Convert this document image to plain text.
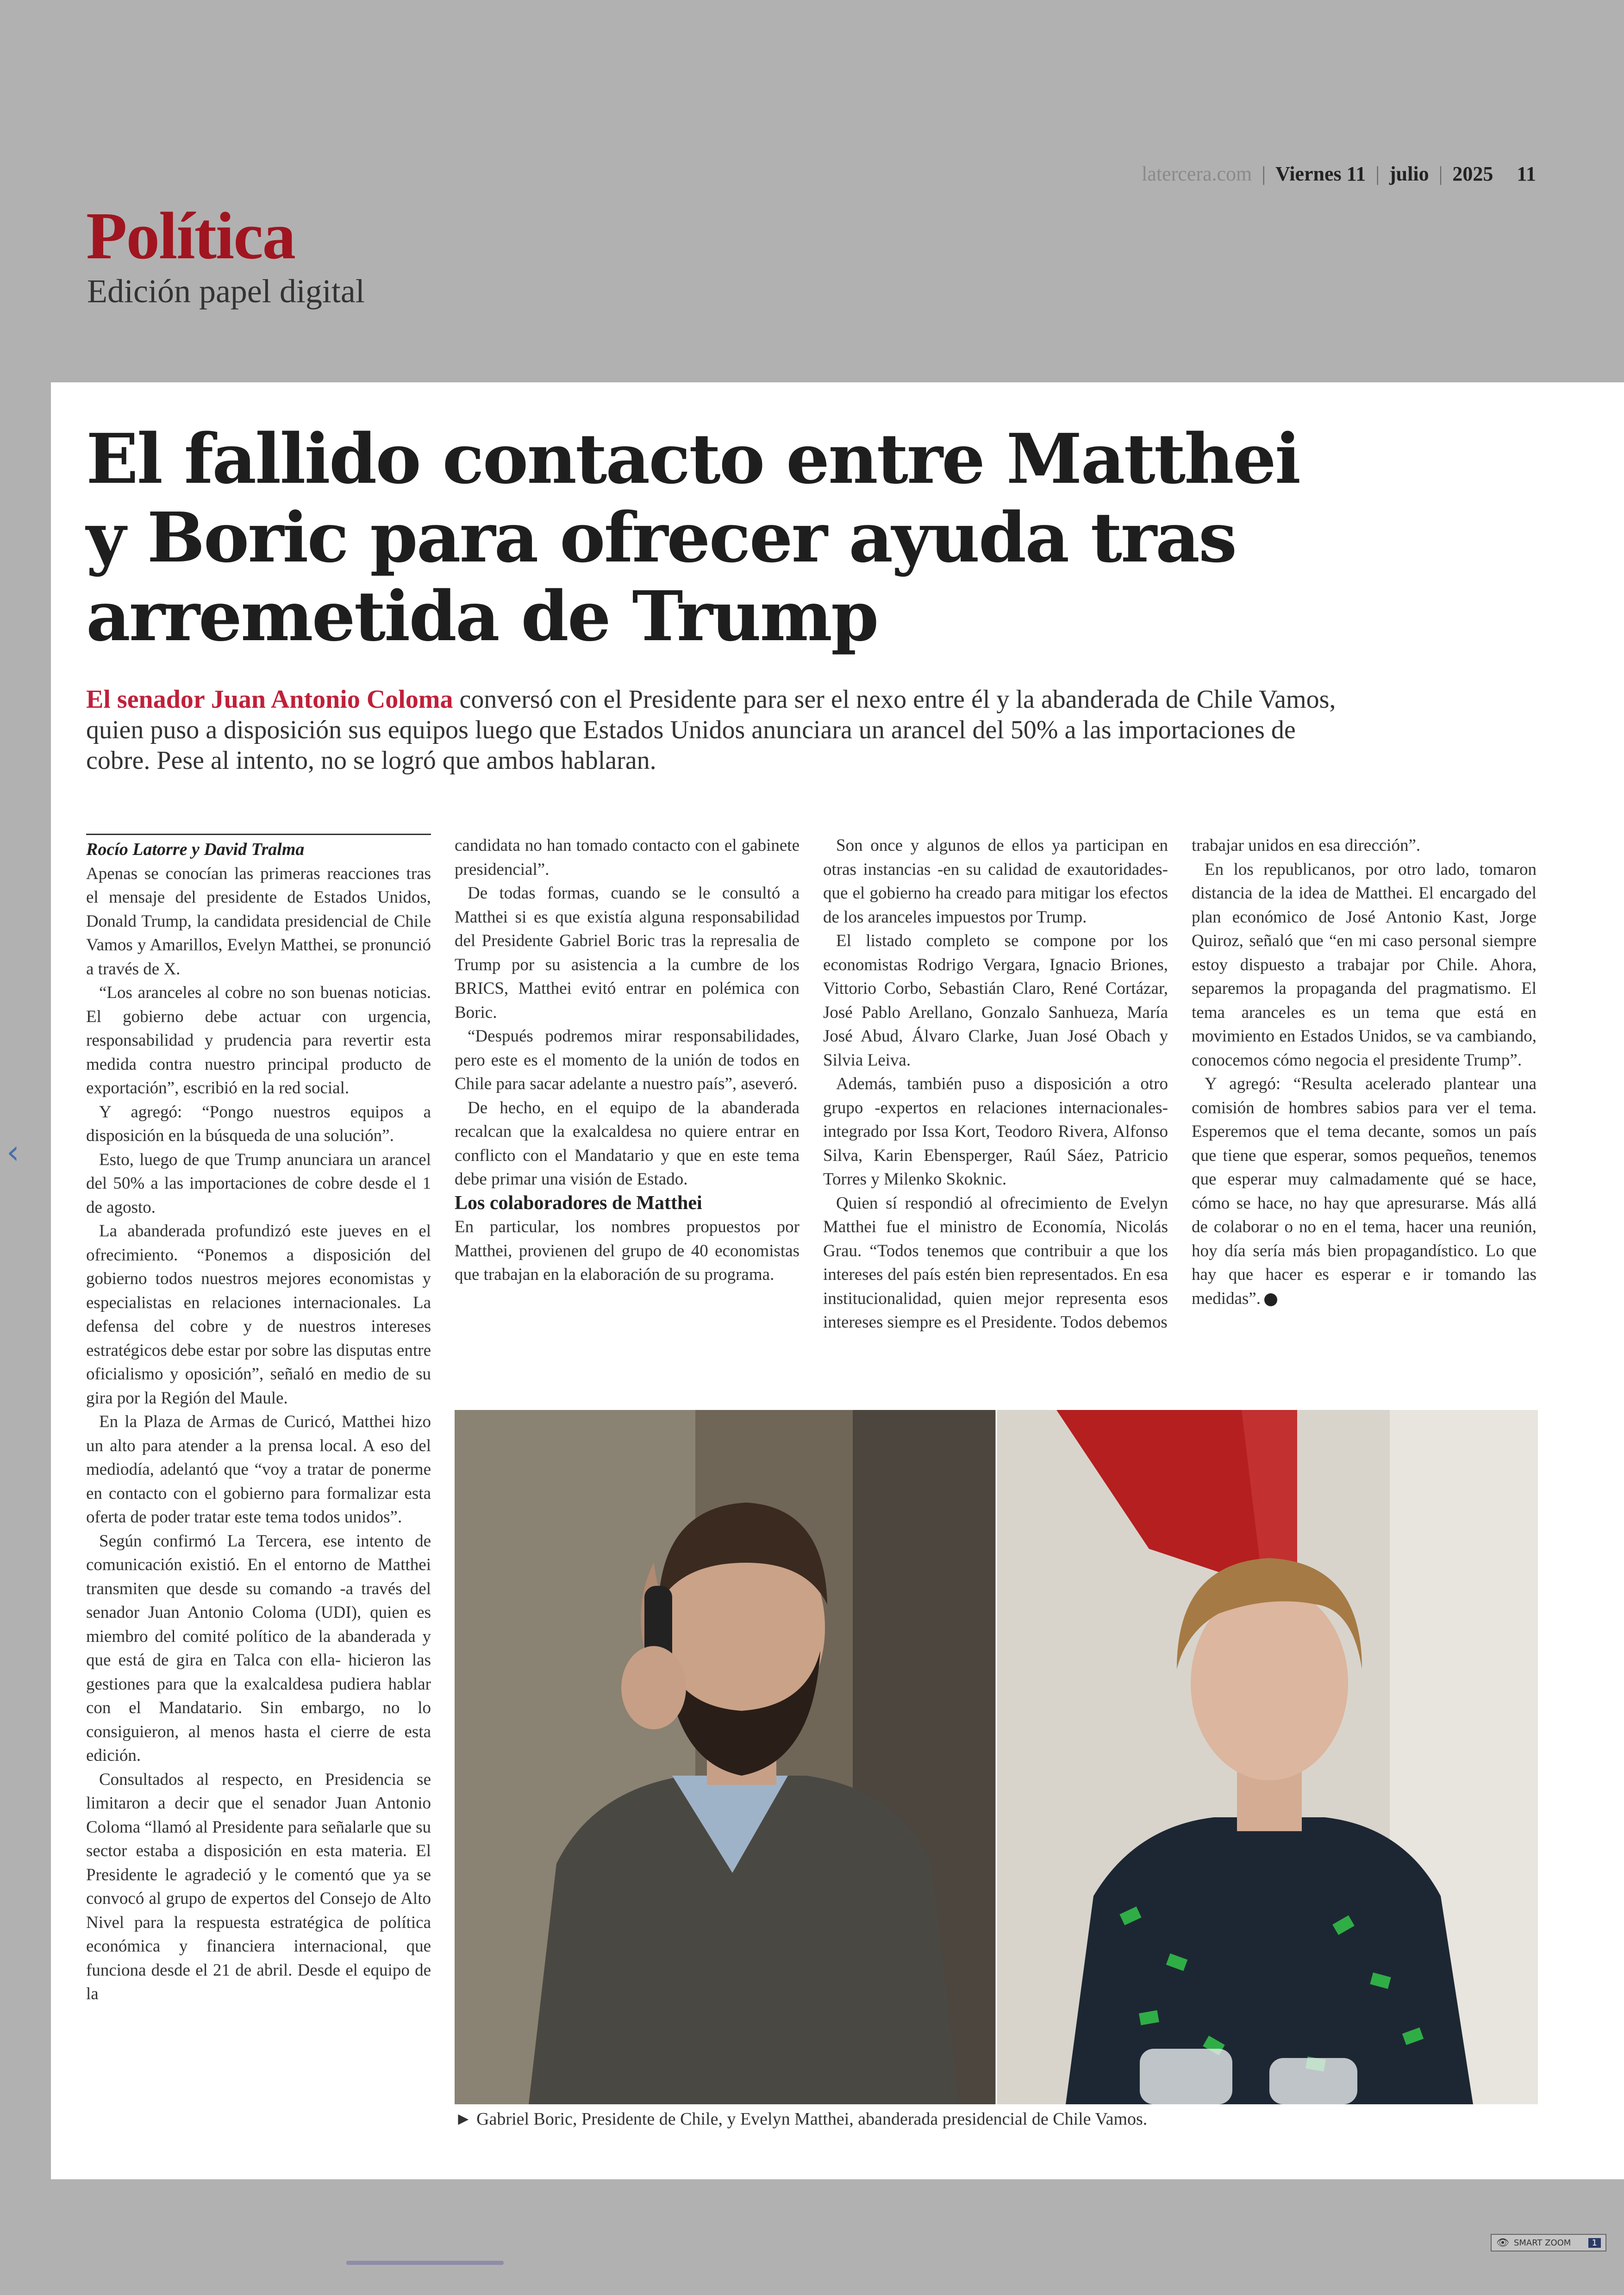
latercera.com | Viernes 11 | julio | 2025 11
Política
Edición papel digital
‹
El fallido contacto entre Matthei y Boric para ofrecer ayuda tras arremetida de Trump

El senador Juan Antonio Coloma conversó con el Presidente para ser el nexo entre él y la abanderada de Chile Vamos, quien puso a disposición sus equipos luego que Estados Unidos anunciara un arancel del 50% a las importaciones de cobre. Pese al intento, no se logró que ambos hablaran.

Rocío Latorre y David Tralma

Apenas se conocían las primeras reacciones tras el mensaje del presidente de Estados Unidos, Donald Trump, la candidata presidencial de Chile Vamos y Amarillos, Evelyn Matthei, se pronunció a través de X.

“Los aranceles al cobre no son buenas noticias. El gobierno debe actuar con urgencia, responsabilidad y prudencia para revertir esta medida contra nuestro principal producto de exportación”, escribió en la red social.

Y agregó: “Pongo nuestros equipos a disposición en la búsqueda de una solución”.

Esto, luego de que Trump anunciara un arancel del 50% a las importaciones de cobre desde el 1 de agosto.

La abanderada profundizó este jueves en el ofrecimiento. “Ponemos a disposición del gobierno todos nuestros mejores economistas y especialistas en relaciones internacionales. La defensa del cobre y de nuestros intereses estratégicos debe estar por sobre las disputas entre oficialismo y oposición”, señaló en medio de su gira por la Región del Maule.

En la Plaza de Armas de Curicó, Matthei hizo un alto para atender a la prensa local. A eso del mediodía, adelantó que “voy a tratar de ponerme en contacto con el gobierno para formalizar esta oferta de poder tratar este tema todos unidos”.

Según confirmó La Tercera, ese intento de comunicación existió. En el entorno de Matthei transmiten que desde su comando -a través del senador Juan Antonio Coloma (UDI), quien es miembro del comité político de la abanderada y que está de gira en Talca con ella- hicieron las gestiones para que la exalcaldesa pudiera hablar con el Mandatario. Sin embargo, no lo consiguieron, al menos hasta el cierre de esta edición.

Consultados al respecto, en Presidencia se limitaron a decir que el senador Juan Antonio Coloma “llamó al Presidente para señalarle que su sector estaba a disposición en esta materia. El Presidente le agradeció y le comentó que ya se convocó al grupo de expertos del Consejo de Alto Nivel para la respuesta estratégica de política económica y financiera internacional, que funciona desde el 21 de abril. Desde el equipo de la

candidata no han tomado contacto con el gabinete presidencial”.

De todas formas, cuando se le consultó a Matthei si es que existía alguna responsabilidad del Presidente Gabriel Boric tras la represalia de Trump por su asistencia a la cumbre de los BRICS, Matthei evitó entrar en polémica con Boric.

“Después podremos mirar responsabilidades, pero este es el momento de la unión de todos en Chile para sacar adelante a nuestro país”, aseveró.

De hecho, en el equipo de la abanderada recalcan que la exalcaldesa no quiere entrar en conflicto con el Mandatario y que en este tema debe primar una visión de Estado.

Los colaboradores de Matthei

En particular, los nombres propuestos por Matthei, provienen del grupo de 40 economistas que trabajan en la elaboración de su programa.

Son once y algunos de ellos ya participan en otras instancias -en su calidad de exautoridades- que el gobierno ha creado para mitigar los efectos de los aranceles impuestos por Trump.

El listado completo se compone por los economistas Rodrigo Vergara, Ignacio Briones, Vittorio Corbo, Sebastián Claro, René Cortázar, José Pablo Arellano, Gonzalo Sanhueza, María José Abud, Álvaro Clarke, Juan José Obach y Silvia Leiva.

Además, también puso a disposición a otro grupo -expertos en relaciones internacionales- integrado por Issa Kort, Teodoro Rivera, Alfonso Silva, Karin Ebensperger, Raúl Sáez, Patricio Torres y Milenko Skoknic.

Quien sí respondió al ofrecimiento de Evelyn Matthei fue el ministro de Economía, Nicolás Grau. “Todos tenemos que contribuir a que los intereses del país estén bien representados. En esa institucionalidad, quien mejor representa esos intereses siempre es el Presidente. Todos debemos

trabajar unidos en esa dirección”.

En los republicanos, por otro lado, tomaron distancia de la idea de Matthei. El encargado del plan económico de José Antonio Kast, Jorge Quiroz, señaló que “en mi caso personal siempre estoy dispuesto a trabajar por Chile. Ahora, separemos la propaganda del pragmatismo. El tema aranceles es un tema que está en movimiento en Estados Unidos, se va cambiando, conocemos cómo negocia el presidente Trump”.

Y agregó: “Resulta acelerado plantear una comisión de hombres sabios para ver el tema. Esperemos que el tema decante, somos un país que tiene que esperar, somos pequeños, tenemos que esperar muy calmadamente qué se hace, cómo se hace, no hay que apresurarse. Más allá de colaborar o no en el tema, hacer una reunión, hoy día sería más bien propagandístico. Lo que hay que hacer es esperar e ir tomando las medidas”.

► Gabriel Boric, Presidente de Chile, y Evelyn Matthei, abanderada presidencial de Chile Vamos.
👁 SMART ZOOM	1
